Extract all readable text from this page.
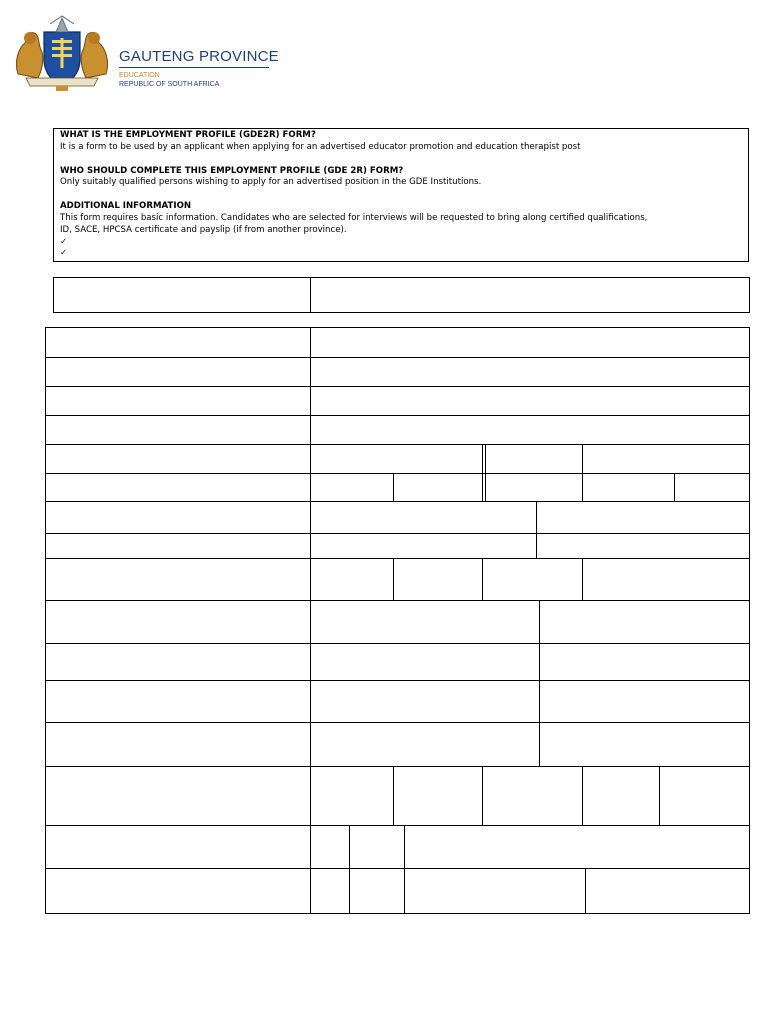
GAUTENG PROVINCE
EDUCATION
REPUBLIC OF SOUTH AFRICA
WHAT IS THE EMPLOYMENT PROFILE (GDE2R) FORM?
It is a form to be used by an applicant when applying for an advertised educator promotion and education therapist post
WHO SHOULD COMPLETE THIS EMPLOYMENT PROFILE (GDE 2R) FORM?
Only suitably qualified persons wishing to apply for an advertised position in the GDE Institutions.
ADDITIONAL INFORMATION
This form requires basic information. Candidates who are selected for interviews will be requested to bring along certified qualifications,
ID, SACE, HPCSA certificate and payslip (if from another province).
✓
✓
